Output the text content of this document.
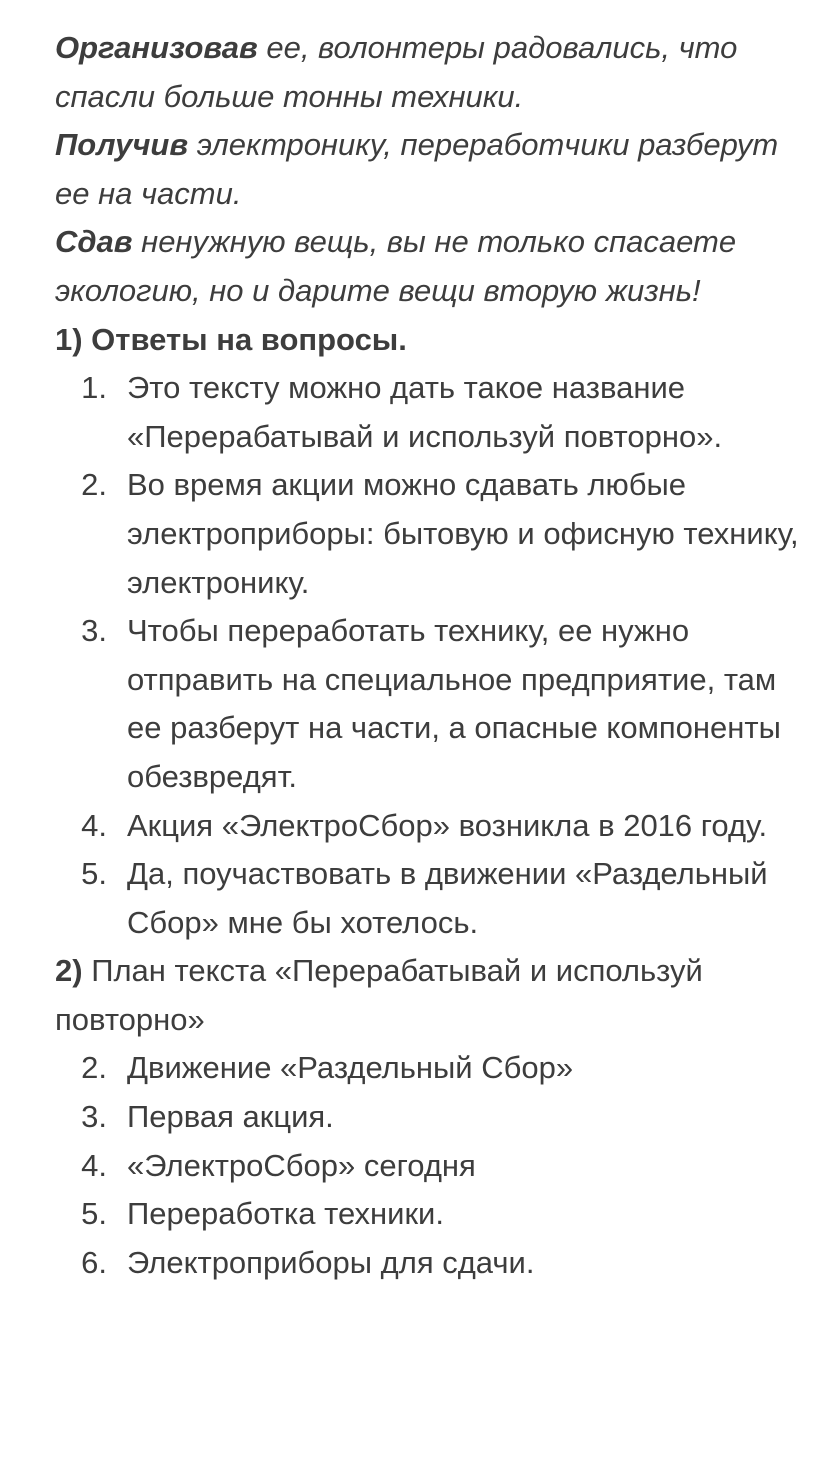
Организовав ее, волонтеры радовались, что спасли больше тонны техники.

Получив электронику, переработчики разберут ее на части.

Сдав ненужную вещь, вы не только спасаете экологию, но и дарите вещи вторую жизнь!

1) Ответы на вопросы.

1. Это тексту можно дать такое название «Перерабатывай и используй повторно».
2. Во время акции можно сдавать любые электроприборы: бытовую и офисную технику, электронику.
3. Чтобы переработать технику, ее нужно отправить на специальное предприятие, там ее разберут на части, а опасные компоненты обезвредят.
4. Акция «ЭлектроСбор» возникла в 2016 году.
5. Да, поучаствовать в движении «Раздельный Сбор» мне бы хотелось.

2) План текста «Перерабатывай и используй повторно»

2. Движение «Раздельный Сбор»
3. Первая акция.
4. «ЭлектроСбор» сегодня
5. Переработка техники.
6. Электроприборы для сдачи.
